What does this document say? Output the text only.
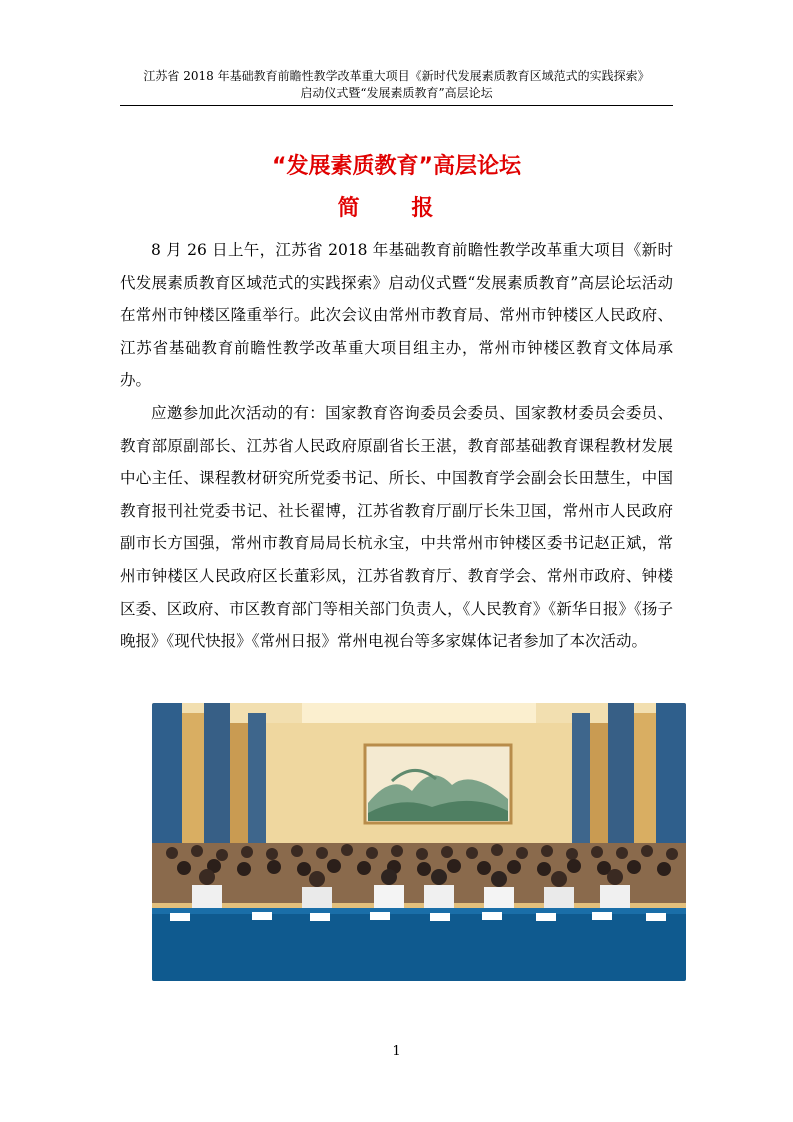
江苏省 2018 年基础教育前瞻性教学改革重大项目《新时代发展素质教育区域范式的实践探索》
启动仪式暨“发展素质教育”高层论坛
“发展素质教育”高层论坛
简 报

8 月 26 日上午，江苏省 2018 年基础教育前瞻性教学改革重大项目《新时代发展素质教育区域范式的实践探索》启动仪式暨“发展素质教育”高层论坛活动在常州市钟楼区隆重举行。此次会议由常州市教育局、常州市钟楼区人民政府、江苏省基础教育前瞻性教学改革重大项目组主办，常州市钟楼区教育文体局承办。

应邀参加此次活动的有：国家教育咨询委员会委员、国家教材委员会委员、教育部原副部长、江苏省人民政府原副省长王湛，教育部基础教育课程教材发展中心主任、课程教材研究所党委书记、所长、中国教育学会副会长田慧生，中国教育报刊社党委书记、社长翟博，江苏省教育厅副厅长朱卫国，常州市人民政府副市长方国强，常州市教育局局长杭永宝，中共常州市钟楼区委书记赵正斌，常州市钟楼区人民政府区长董彩凤，江苏省教育厅、教育学会、常州市政府、钟楼区委、区政府、市区教育部门等相关部门负责人，《人民教育》《新华日报》《扬子晚报》《现代快报》《常州日报》常州电视台等多家媒体记者参加了本次活动。

1
